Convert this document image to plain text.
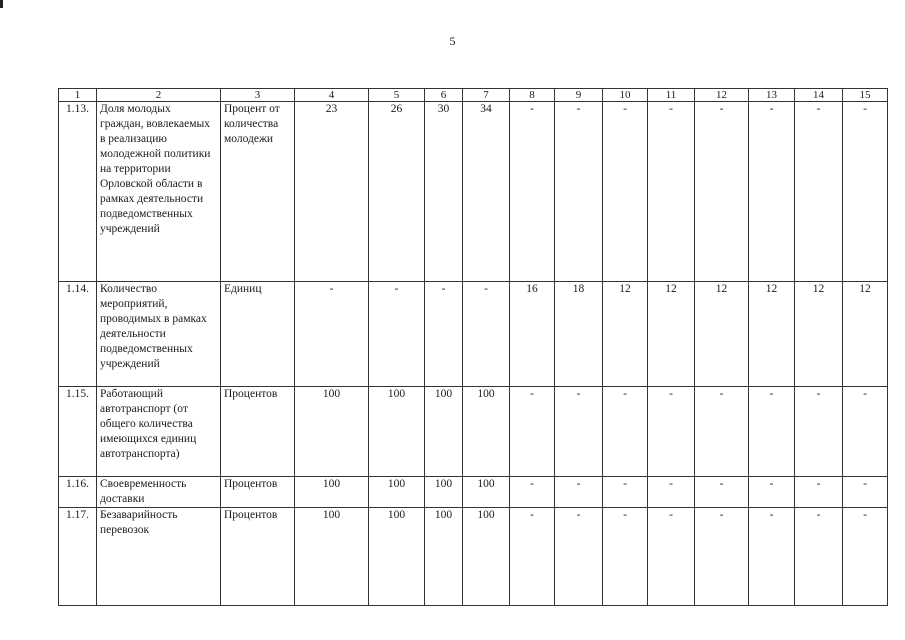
5
1	2	3	4	5	6	7	8	9	10	11	12	13	14	15
1.13.	Доля молодых граждан, вовлекаемых в реализацию молодежной политики на территории Орловской области в рамках деятельности подведомственных учреждений	Процент от количества молодежи	23	26	30	34	-	-	-	-	-	-	-	-
1.14.	Количество мероприятий, проводимых в рамках деятельности подведомственных учреждений	Единиц	-	-	-	-	16	18	12	12	12	12	12	12
1.15.	Работающий автотранспорт (от общего количества имеющихся единиц автотранспорта)	Процентов	100	100	100	100	-	-	-	-	-	-	-	-
1.16.	Своевременность доставки	Процентов	100	100	100	100	-	-	-	-	-	-	-	-
1.17.	Безаварийность перевозок	Процентов	100	100	100	100	-	-	-	-	-	-	-	-
